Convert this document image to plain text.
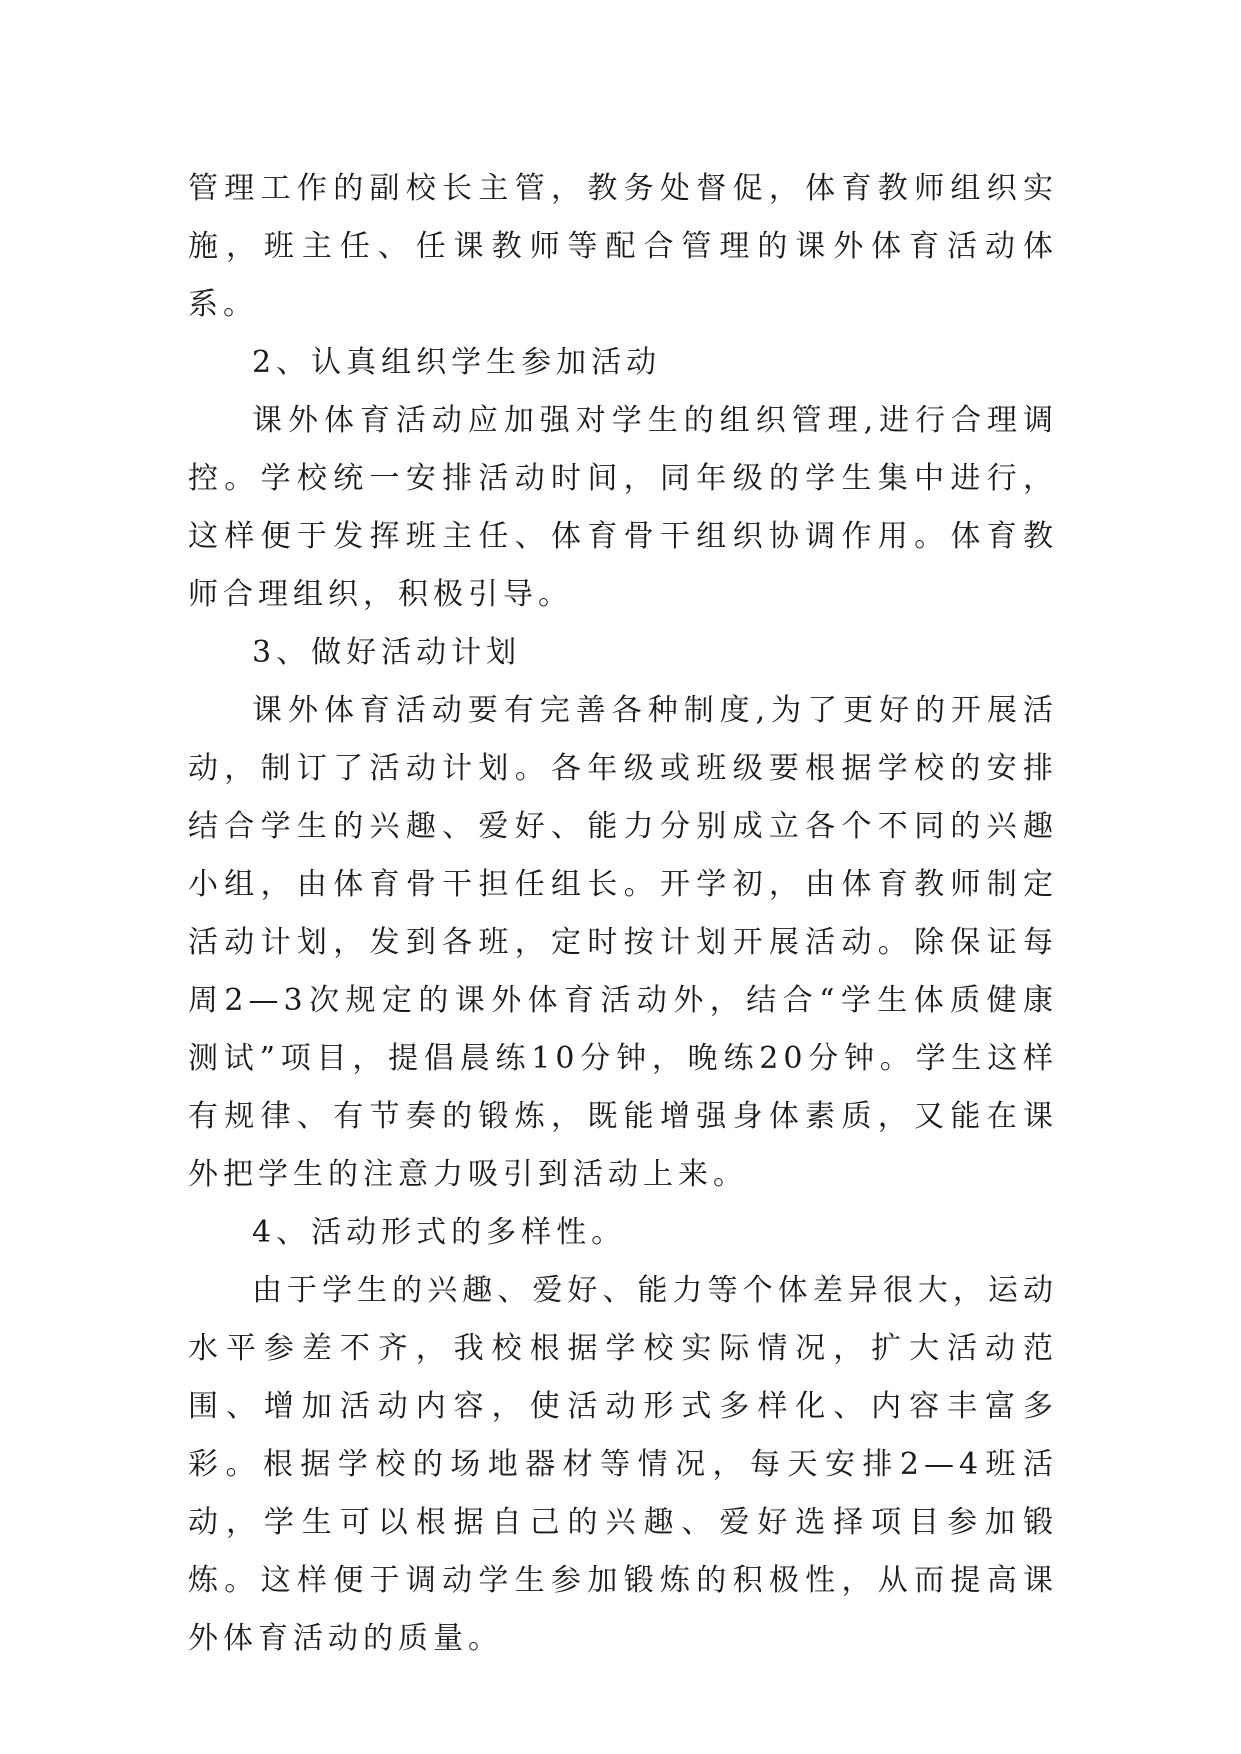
管理工作的副校长主管，教务处督促，体育教师组织实施，班主任、任课教师等配合管理的课外体育活动体系。

2、认真组织学生参加活动

课外体育活动应加强对学生的组织管理,进行合理调控。学校统一安排活动时间，同年级的学生集中进行，这样便于发挥班主任、体育骨干组织协调作用。体育教师合理组织，积极引导。

3、做好活动计划

课外体育活动要有完善各种制度,为了更好的开展活动，制订了活动计划。各年级或班级要根据学校的安排结合学生的兴趣、爱好、能力分别成立各个不同的兴趣小组，由体育骨干担任组长。开学初，由体育教师制定活动计划，发到各班，定时按计划开展活动。除保证每周2—3次规定的课外体育活动外，结合“学生体质健康测试”项目，提倡晨练10分钟，晚练20分钟。学生这样有规律、有节奏的锻炼，既能增强身体素质，又能在课外把学生的注意力吸引到活动上来。

4、活动形式的多样性。

由于学生的兴趣、爱好、能力等个体差异很大，运动水平参差不齐，我校根据学校实际情况，扩大活动范围、增加活动内容，使活动形式多样化、内容丰富多彩。根据学校的场地器材等情况，每天安排2—4班活动，学生可以根据自己的兴趣、爱好选择项目参加锻炼。这样便于调动学生参加锻炼的积极性，从而提高课外体育活动的质量。
